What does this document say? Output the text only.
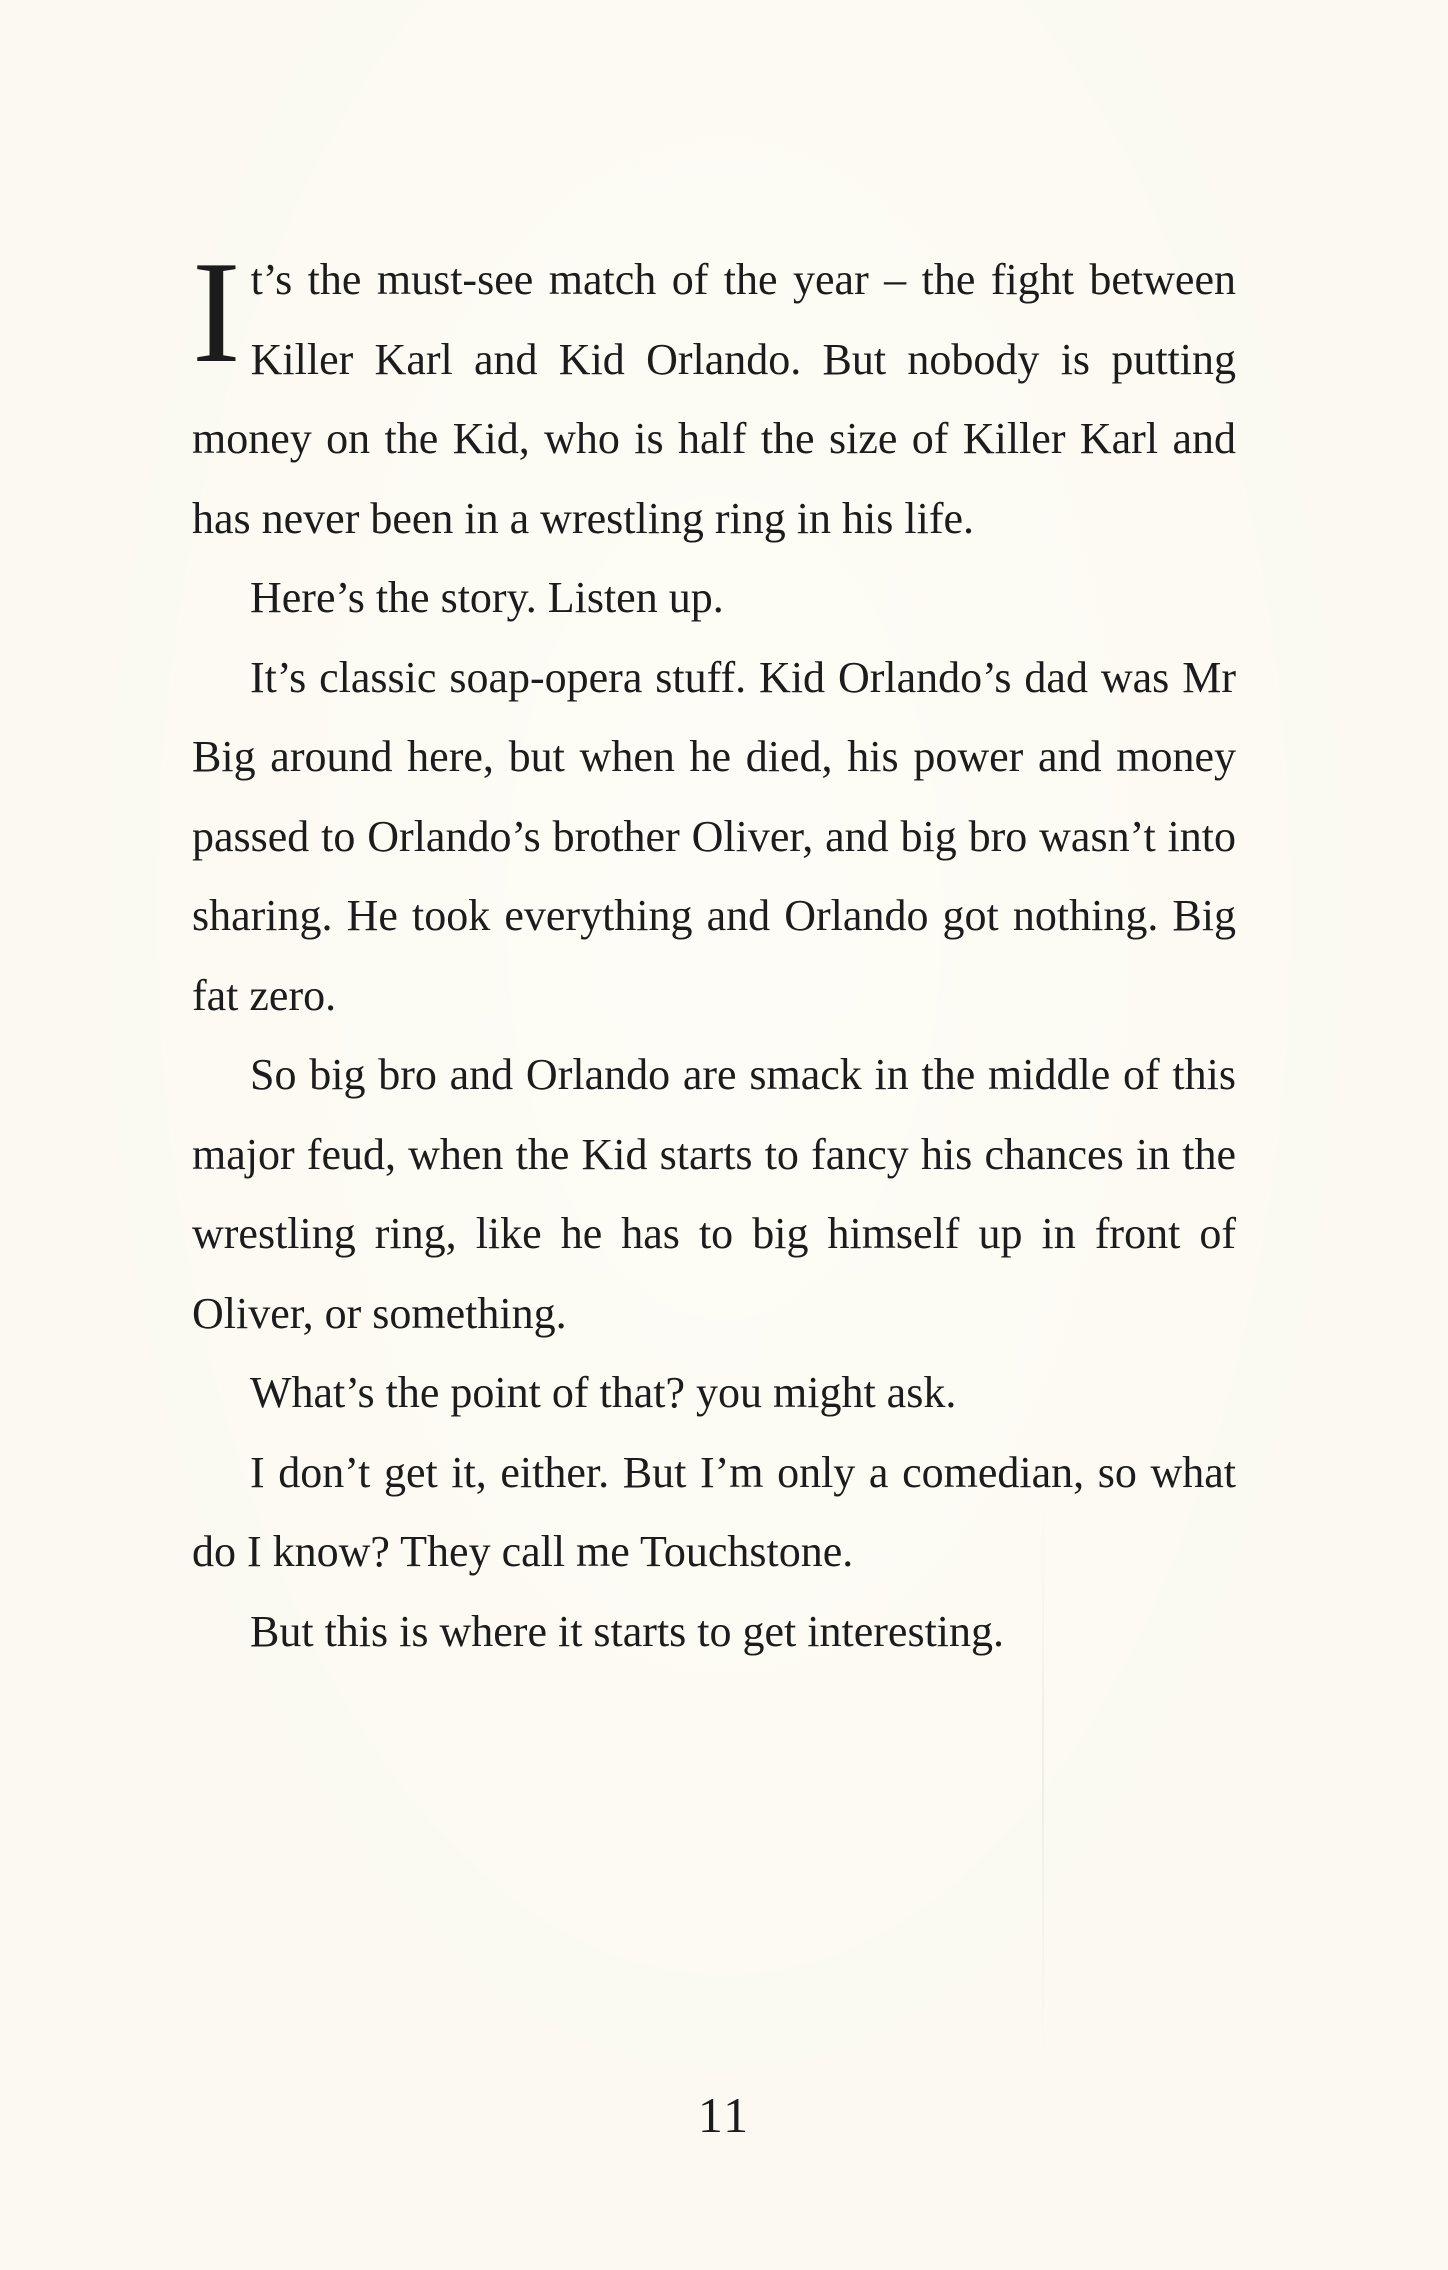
It’s the must-see match of the year – the fight between Killer Karl and Kid Orlando. But nobody is putting money on the Kid, who is half the size of Killer Karl and has never been in a wrestling ring in his life.

Here’s the story. Listen up.

It’s classic soap-opera stuff. Kid Orlando’s dad was Mr Big around here, but when he died, his power and money passed to Orlando’s brother Oliver, and big bro wasn’t into sharing. He took everything and Orlando got nothing. Big fat zero.

So big bro and Orlando are smack in the middle of this major feud, when the Kid starts to fancy his chances in the wrestling ring, like he has to big himself up in front of Oliver, or something.

What’s the point of that? you might ask.

I don’t get it, either. But I’m only a comedian, so what do I know? They call me Touchstone.

But this is where it starts to get interesting.

11
